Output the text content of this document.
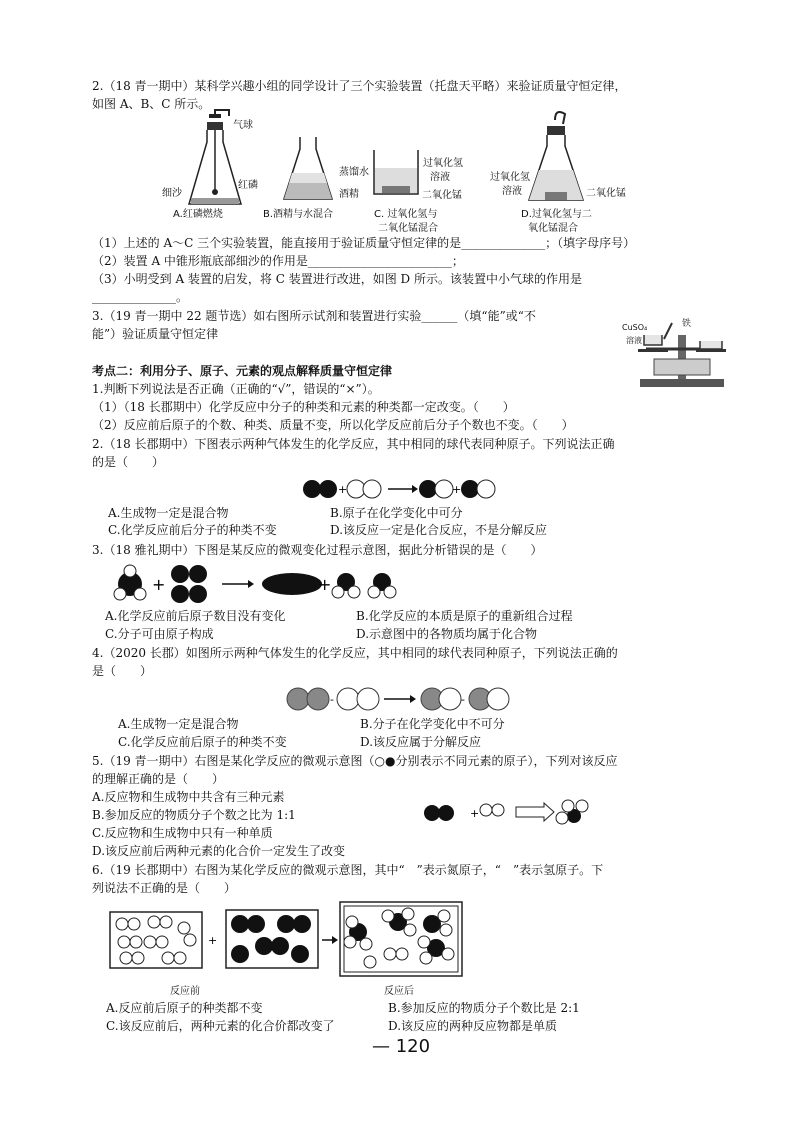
2.（18 青一期中）某科学兴趣小组的同学设计了三个实验装置（托盘天平略）来验证质量守恒定律，
如图 A、B、C 所示。
气球
细沙
红磷
A.红磷燃烧
蒸馏水
酒精
B.酒精与水混合
过氧化氢
溶液
二氧化锰
C. 过氧化氢与
二氧化锰混合
过氧化氢
溶液	二氧化锰
D.过氧化氢与二
氧化锰混合
（1）上述的 A～C 三个实验装置，能直接用于验证质量守恒定律的是______________；（填字母序号）
（2）装置 A 中锥形瓶底部细沙的作用是________________________；
（3）小明受到 A 装置的启发，将 C 装置进行改进，如图 D 所示。该装置中小气球的作用是
______________。
3.（19 青一期中 22 题节选）如右图所示试剂和装置进行实验______（填“能”或“不
能”）验证质量守恒定律	CuSO₄
溶液
铁
考点二：利用分子、原子、元素的观点解释质量守恒定律
1.判断下列说法是否正确（正确的“√”，错误的“×”）。
（1）（18 长郡期中）化学反应中分子的种类和元素的种类都一定改变。（　　）
（2）反应前后原子的个数、种类、质量不变，所以化学反应前后分子个数也不变。（　　）
2.（18 长郡期中）下图表示两种气体发生的化学反应，其中相同的球代表同种原子。下列说法正确
的是（　　）
+	+
A.生成物一定是混合物	B.原子在化学变化中可分
C.化学反应前后分子的种类不变	D.该反应一定是化合反应，不是分解反应
3.（18 雅礼期中）下图是某反应的微观变化过程示意图，据此分析错误的是（　　）
+	+
A.化学反应前后原子数目没有变化	B.化学反应的本质是原子的重新组合过程
C.分子可由原子构成	D.示意图中的各物质均属于化合物
4.（2020 长郡）如图所示两种气体发生的化学反应，其中相同的球代表同种原子，下列说法正确的
是（　　）
-	-
A.生成物一定是混合物	B.分子在化学变化中不可分
C.化学反应前后原子的种类不变	D.该反应属于分解反应
5.（19 青一期中）右图是某化学反应的微观示意图（○●分别表示不同元素的原子），下列对该反应
的理解正确的是（　　）
A.反应物和生成物中共含有三种元素
B.参加反应的物质分子个数之比为 1:1
C.反应物和生成物中只有一种单质
D.该反应前后两种元素的化合价一定发生了改变
+
6.（19 长郡期中）右图为某化学反应的微观示意图，其中“　”表示氮原子，“　”表示氢原子。下
列说法不正确的是（　　）
+
反应前	反应后
A.反应前后原子的种类都不变	B.参加反应的物质分子个数比是 2:1
C.该反应前后，两种元素的化合价都改变了	D.该反应的两种反应物都是单质
— 120
